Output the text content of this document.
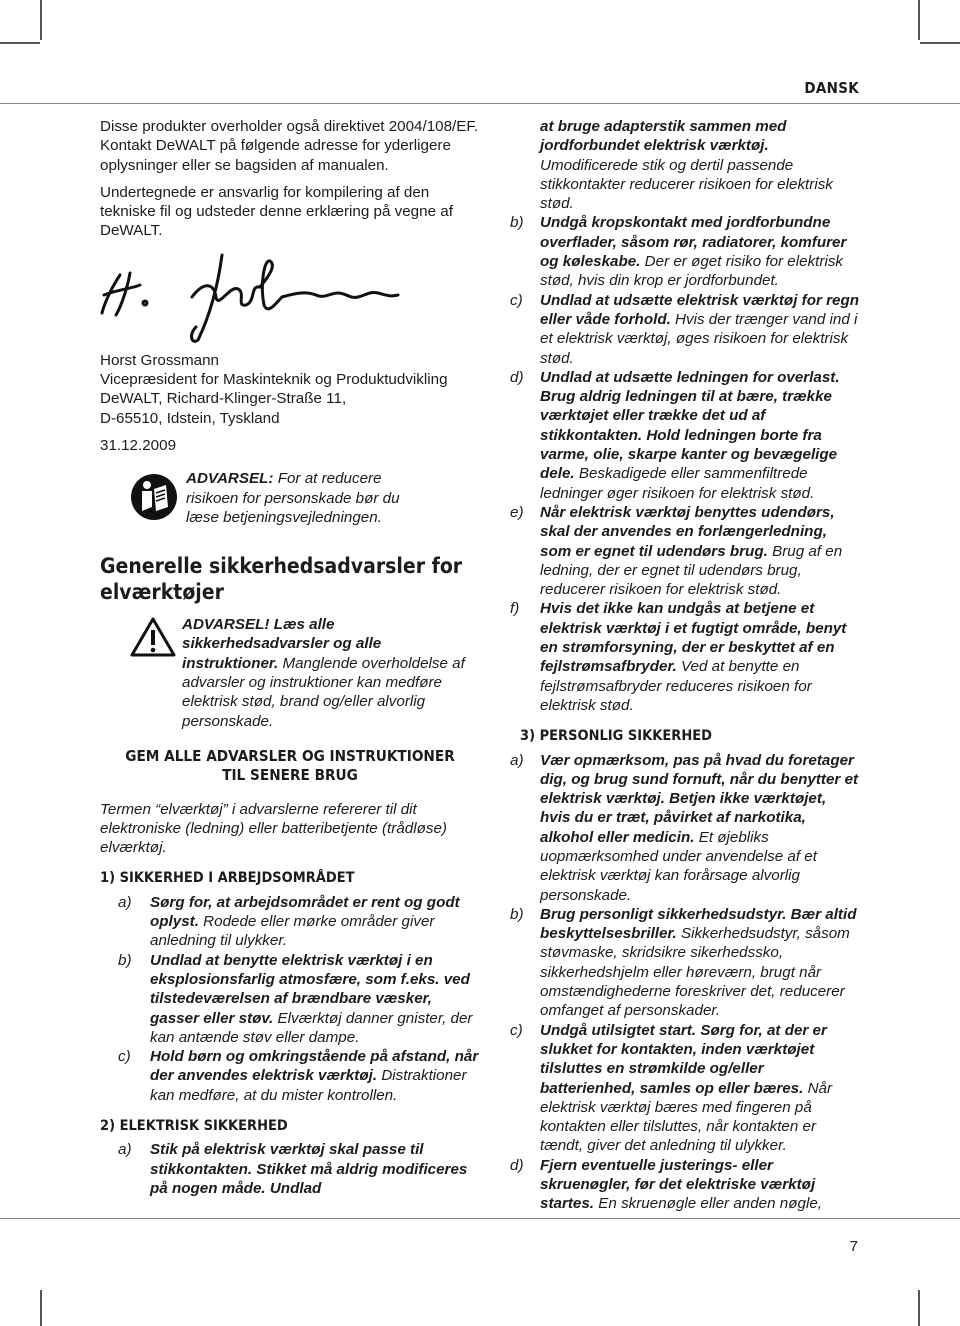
DANSK

Disse produkter overholder også direktivet 2004/108/EF. Kontakt DeWALT på følgende adresse for yderligere oplysninger eller se bagsiden af manualen.

Undertegnede er ansvarlig for kompilering af den tekniske fil og udsteder denne erklæring på vegne af DeWALT.

Horst Grossmann

Vicepræsident for Maskinteknik og Produktudvikling

DeWALT, Richard-Klinger-Straße 11,

D-65510, Idstein, Tyskland

31.12.2009

ADVARSEL: For at reducere risikoen for personskade bør du læse betjeningsvejledningen.
Generelle sikkerhedsadvarsler for elværktøjer
ADVARSEL! Læs alle sikkerhedsadvarsler og alle instruktioner. Manglende overholdelse af advarsler og instruktioner kan medføre elektrisk stød, brand og/eller alvorlig personskade.
GEM ALLE ADVARSLER OG INSTRUKTIONER
TIL SENERE BRUG

Termen “elværktøj” i advarslerne refererer til dit elektroniske (ledning) eller batteribetjente (trådløse) elværktøj.

1) SIKKERHED I ARBEJDSOMRÅDET
a) Sørg for, at arbejdsområdet er rent og godt oplyst. Rodede eller mørke områder giver anledning til ulykker.
b) Undlad at benytte elektrisk værktøj i en eksplosionsfarlig atmosfære, som f.eks. ved tilstedeværelsen af brændbare væsker, gasser eller støv. Elværktøj danner gnister, der kan antænde støv eller dampe.
c) Hold børn og omkringstående på afstand, når der anvendes elektrisk værktøj. Distraktioner kan medføre, at du mister kontrollen.
2) ELEKTRISK SIKKERHED
a) Stik på elektrisk værktøj skal passe til stikkontakten. Stikket må aldrig modificeres på nogen måde. Undlad
at bruge adapterstik sammen med jordforbundet elektrisk værktøj. Umodificerede stik og dertil passende stikkontakter reducerer risikoen for elektrisk stød.
b) Undgå kropskontakt med jordforbundne overflader, såsom rør, radiatorer, komfurer og køleskabe. Der er øget risiko for elektrisk stød, hvis din krop er jordforbundet.
c) Undlad at udsætte elektrisk værktøj for regn eller våde forhold. Hvis der trænger vand ind i et elektrisk værktøj, øges risikoen for elektrisk stød.
d) Undlad at udsætte ledningen for overlast. Brug aldrig ledningen til at bære, trække værktøjet eller trække det ud af stikkontakten. Hold ledningen borte fra varme, olie, skarpe kanter og bevægelige dele. Beskadigede eller sammenfiltrede ledninger øger risikoen for elektrisk stød.
e) Når elektrisk værktøj benyttes udendørs, skal der anvendes en forlængerledning, som er egnet til udendørs brug. Brug af en ledning, der er egnet til udendørs brug, reducerer risikoen for elektrisk stød.
f) Hvis det ikke kan undgås at betjene et elektrisk værktøj i et fugtigt område, benyt en strømforsyning, der er beskyttet af en fejlstrømsafbryder. Ved at benytte en fejlstrømsafbryder reduceres risikoen for elektrisk stød.
3) PERSONLIG SIKKERHED
a) Vær opmærksom, pas på hvad du foretager dig, og brug sund fornuft, når du benytter et elektrisk værktøj. Betjen ikke værktøjet, hvis du er træt, påvirket af narkotika, alkohol eller medicin. Et øjebliks uopmærksomhed under anvendelse af et elektrisk værktøj kan forårsage alvorlig personskade.
b) Brug personligt sikkerhedsudstyr. Bær altid beskyttelsesbriller. Sikkerhedsudstyr, såsom støvmaske, skridsikre sikerhedssko, sikkerhedshjelm eller høreværn, brugt når omstændighederne foreskriver det, reducerer omfanget af personskader.
c) Undgå utilsigtet start. Sørg for, at der er slukket for kontakten, inden værktøjet tilsluttes en strømkilde og/eller batterienhed, samles op eller bæres. Når elektrisk værktøj bæres med fingeren på kontakten eller tilsluttes, når kontakten er tændt, giver det anledning til ulykker.
d) Fjern eventuelle justerings- eller skruenøgler, før det elektriske værktøj startes. En skruenøgle eller anden nøgle,
7
